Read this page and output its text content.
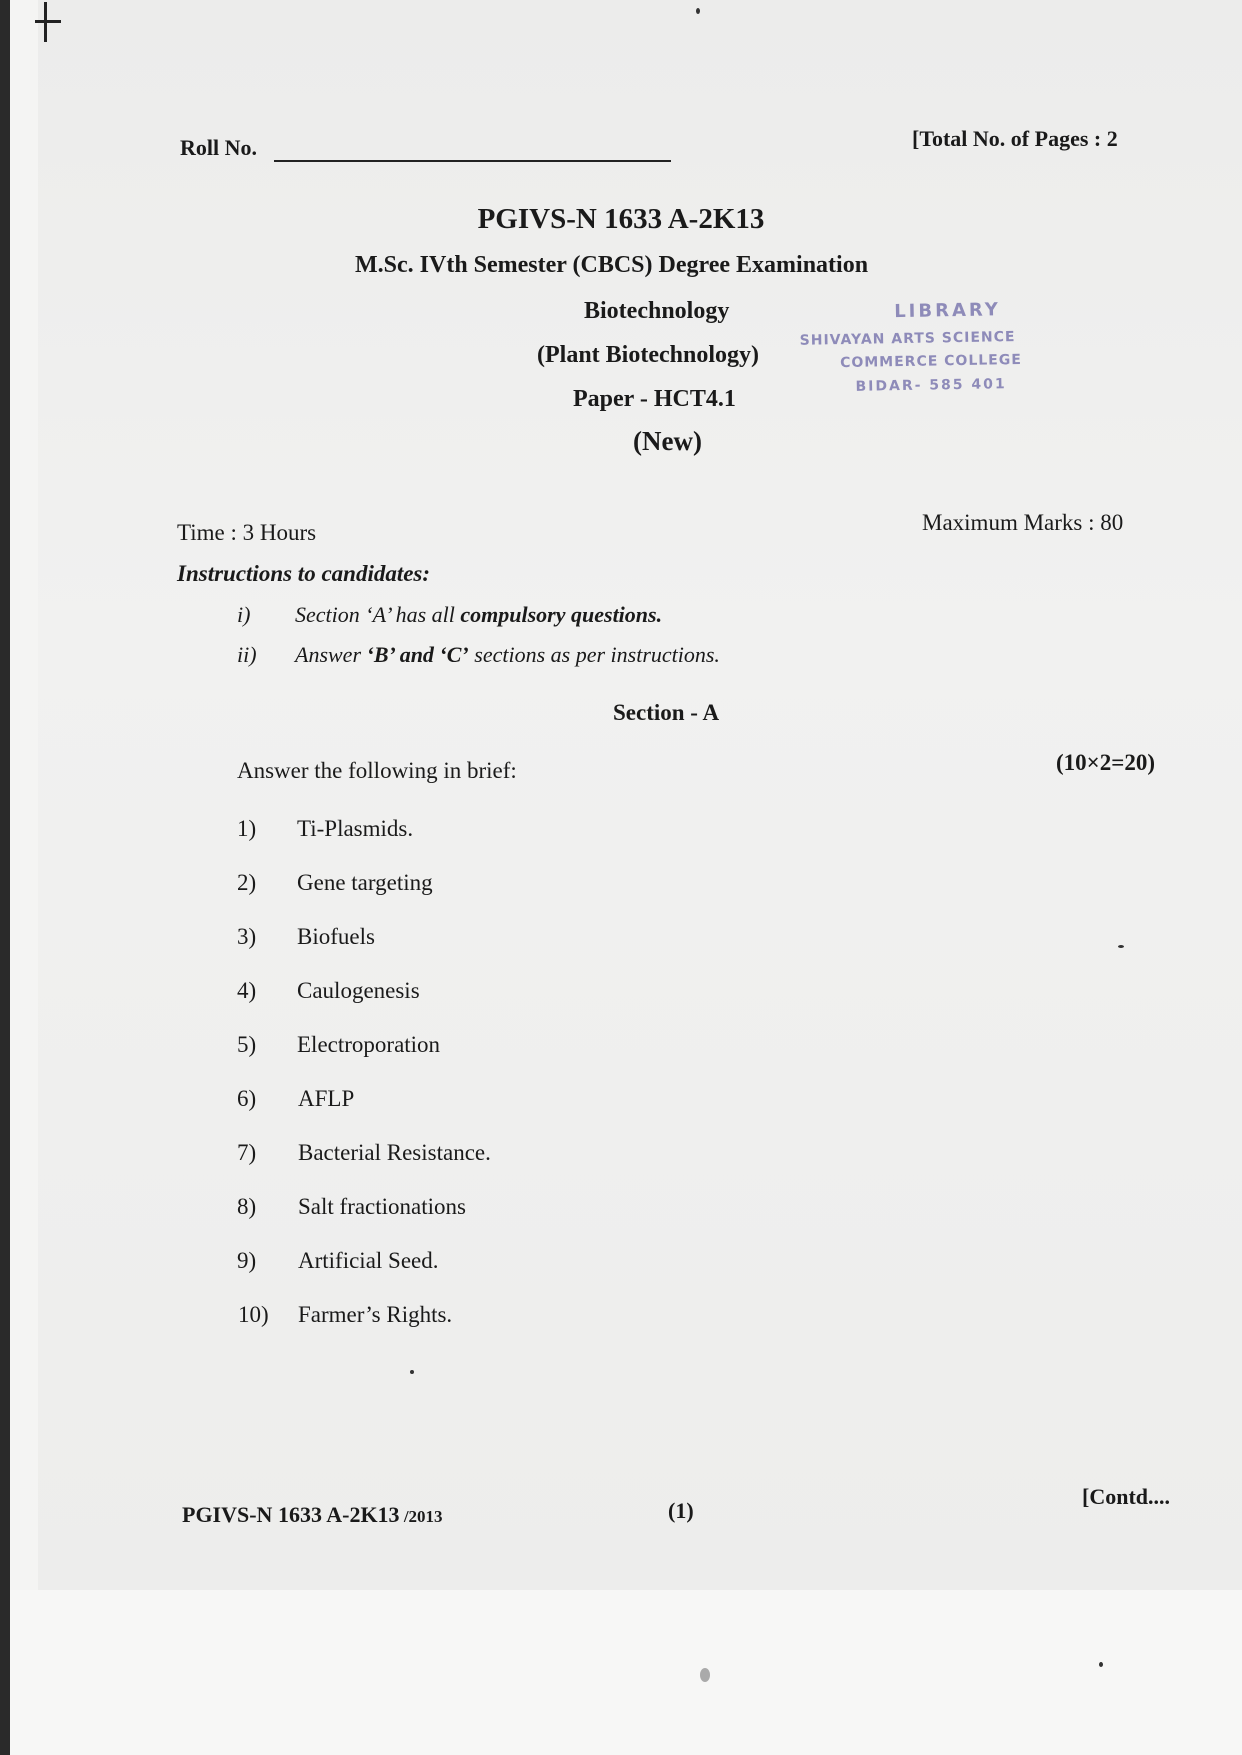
Roll No.	[Total No. of Pages : 2
PGIVS-N 1633 A-2K13
M.Sc. IVth Semester (CBCS) Degree Examination
Biotechnology
(Plant Biotechnology)
Paper - HCT4.1
(New)
LIBRARY
SHIVAYAN ARTS SCIENCE
COMMERCE COLLEGE
BIDAR- 585 401
Time : 3 Hours	Maximum Marks : 80
Instructions to candidates:
i) Section ‘A’ has all compulsory questions.
ii) Answer ‘B’ and ‘C’ sections as per instructions.
Section - A
Answer the following in brief:	(10×2=20)
1) Ti-Plasmids.
2) Gene targeting
3) Biofuels
4) Caulogenesis
5) Electroporation
6) AFLP
7) Bacterial Resistance.
8) Salt fractionations
9) Artificial Seed.
10) Farmer’s Rights.
PGIVS-N 1633 A-2K13 /2013	(1)
[Contd....
